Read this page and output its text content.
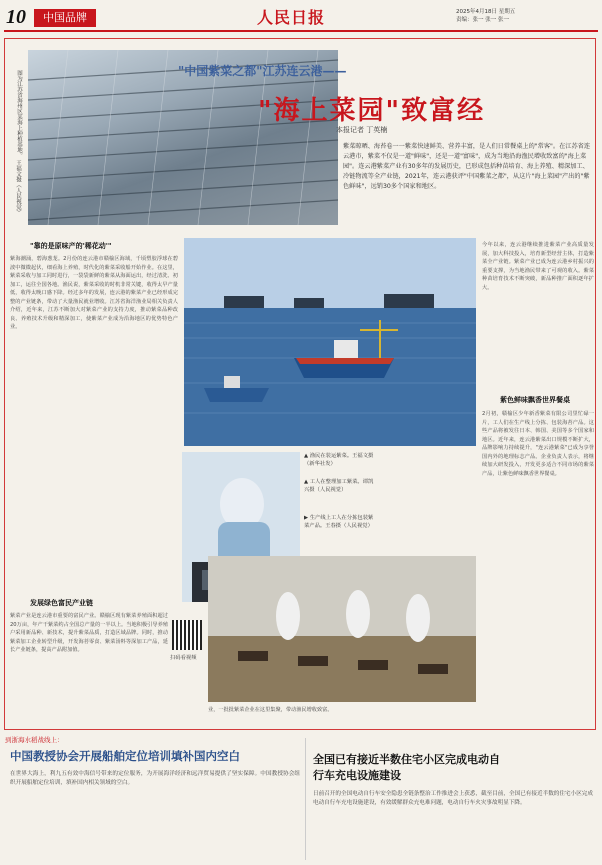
10	中国品牌	人民日报	2025年4月18日 星期五
责编：张一 张一 张一
图为江苏省海州区某海上种植基地。
王福文摄（人民视觉）
"中国紫菜之都"江苏连云港——
"海上菜园"致富经
本报记者 丁英楠
紫菜晾晒、海苔卷一一紫菜快速鲜美、营养丰富，是人们日常餐桌上的"常客"。在江苏省连云港市，紫菜不仅是一道"鲜味"，还是一道"富味"，成为当地沿海渔民增收致富的"海上菜园"。连云港紫菜产业有30多年的发展历史，已形成包括种苗培育、海上养殖、精深加工、冷链物流等全产业链，2021年，连云港获评"中国紫菜之都"，从这片"海上菜园"产出的"紫色鲜味"，远销30多个国家和地区。
"靠的是原味产的'稀花动'"
紫海潮涌，碧海葱茏。2月份的连云港市赣榆区海域，千顷塑胶浮球在碧波中微微起伏，细看海上养殖，时代化的紫菜采收船开始作业。在这里，紫菜采收与加工同时进行，一袋袋新鲜的紫菜从海面运出，经过清洗、初加工，运往全国各地。渔民说，紫菜采收的时机非常关键，收得太早产量低，收得太晚口感下降。经过多年的发展，连云港的紫菜产业已经形成完整的产业链条，带动了大量渔民就业增收。江苏省海洋渔业局相关负责人介绍，近年来，江苏不断加大对紫菜产业的支持力度，推动紫菜品种改良、养殖技术升级和精深加工，使紫菜产业成为沿海地区的优势特色产业。
发展绿色富民产业链
紫菜产业是连云港市重要的富民产业。赣榆区现有紫菜养殖面积超过20万亩，年产干紫菜约占全国总产量的一半以上。当地积极引导养殖户采用新品种、新技术，提升紫菜品质，打造区域品牌。同时，推动紫菜加工企业转型升级，开发海苔零食、紫菜汤料等深加工产品，延长产业链条，提高产品附加值。
今年以来，连云港继续推进紫菜产业高质量发展，加大科技投入，培育新型经营主体，打造紫菜全产业链。紫菜产业已成为连云港乡村振兴的重要支撑，为当地渔民带来了可观的收入。紫菜种苗培育技术不断突破，新品种推广面积逐年扩大。
紫色鲜味飘香世界餐桌
2月初，赣榆区少年新香紫菜有限公司里忙碌一片，工人们在生产线上分拣、包装海苔产品。这些产品将被发往日本、韩国、美国等多个国家和地区。近年来，连云港紫菜出口规模不断扩大，品牌影响力持续提升，"连云港紫菜"已成为享誉国内外的地理标志产品。企业负责人表示，将继续加大研发投入，开发更多适合不同市场的紫菜产品，让紫色鲜味飘香世界餐桌。
▲ 渔民在装运紫菜。王福文摄（新华社发）
▲ 工人在整理加工紫菜。谭凯兴摄（人民视觉）
▶ 生产线上工人在分拣包装紫菜产品。王春摄（人民视觉）
业，一批批紫菜企业在这里集聚，带动渔民增收致富。
扫码看视频
到浙海水稻战线上：
中国教授协会开展船舶定位培训填补国内空白
在世界大海上，利九五有效中海信号带来的定位服务，为开展海洋经济和远洋贸易提供了坚实保障。中国教授协会组织开展船舶定位培训，填补国内相关领域的空白。
全国已有接近半数住宅小区完成电动自行车充电设施建设
日前召开的全国电动自行车安全隐患全链条整治工作推进会上获悉，截至目前，全国已有接近半数的住宅小区完成电动自行车充电设施建设，有效缓解群众充电难问题，电动自行车火灾事故明显下降。
